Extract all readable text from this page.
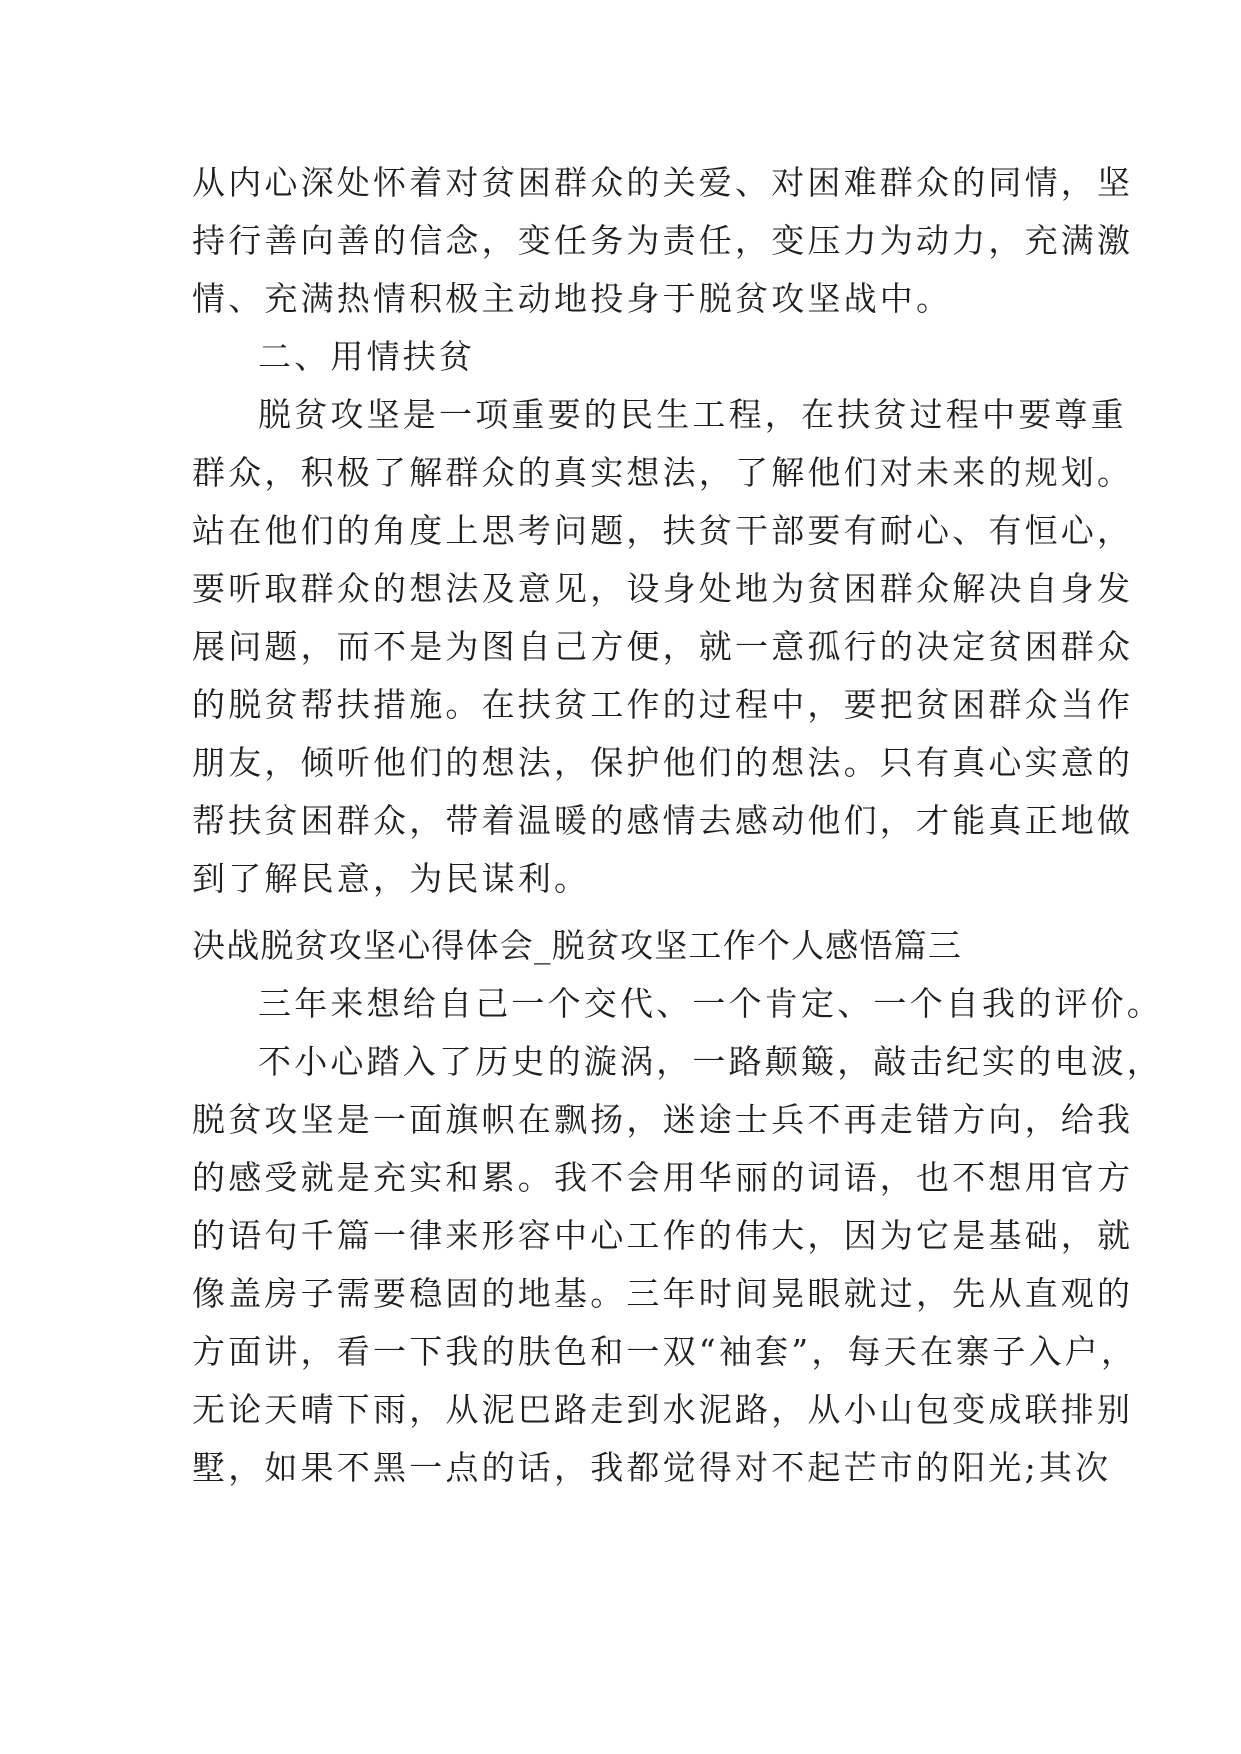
从内心深处怀着对贫困群众的关爱、对困难群众的同情，坚
持行善向善的信念，变任务为责任，变压力为动力，充满激
情、充满热情积极主动地投身于脱贫攻坚战中。
二、用情扶贫
脱贫攻坚是一项重要的民生工程，在扶贫过程中要尊重
群众，积极了解群众的真实想法，了解他们对未来的规划。
站在他们的角度上思考问题，扶贫干部要有耐心、有恒心，
要听取群众的想法及意见，设身处地为贫困群众解决自身发
展问题，而不是为图自己方便，就一意孤行的决定贫困群众
的脱贫帮扶措施。在扶贫工作的过程中，要把贫困群众当作
朋友，倾听他们的想法，保护他们的想法。只有真心实意的
帮扶贫困群众，带着温暖的感情去感动他们，才能真正地做
到了解民意，为民谋利。
决战脱贫攻坚心得体会_脱贫攻坚工作个人感悟篇三
三年来想给自己一个交代、一个肯定、一个自我的评价。
不小心踏入了历史的漩涡，一路颠簸，敲击纪实的电波，
脱贫攻坚是一面旗帜在飘扬，迷途士兵不再走错方向，给我
的感受就是充实和累。我不会用华丽的词语，也不想用官方
的语句千篇一律来形容中心工作的伟大，因为它是基础，就
像盖房子需要稳固的地基。三年时间晃眼就过，先从直观的
方面讲，看一下我的肤色和一双“袖套”，每天在寨子入户，
无论天晴下雨，从泥巴路走到水泥路，从小山包变成联排别
墅，如果不黑一点的话，我都觉得对不起芒市的阳光;其次
